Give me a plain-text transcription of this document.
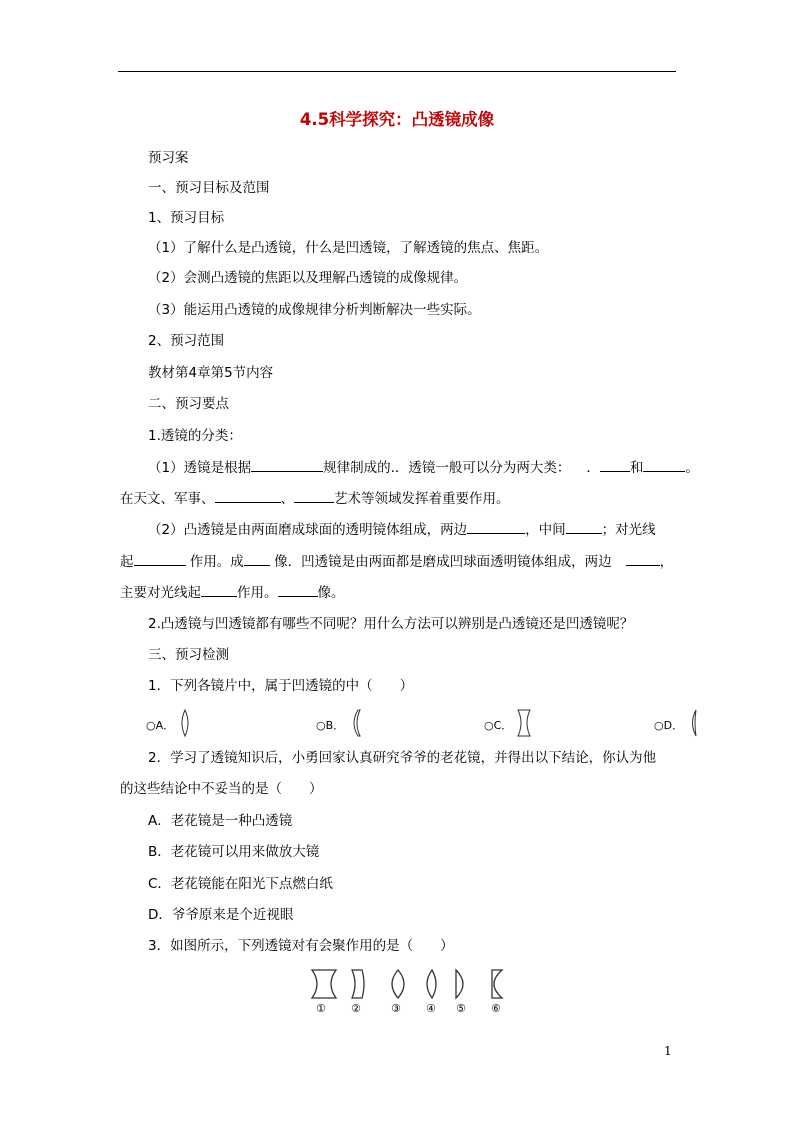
4.5科学探究：凸透镜成像
预习案
一、预习目标及范围
1、预习目标
（1）了解什么是凸透镜，什么是凹透镜，了解透镜的焦点、焦距。
（2）会测凸透镜的焦距以及理解凸透镜的成像规律。
（3）能运用凸透镜的成像规律分析判断解决一些实际。
2、预习范围
教材第4章第5节内容
二、预习要点
1.透镜的分类：
（1）透镜是根据	规律制成的.．透镜一般可以分为两大类： ． 和	。
在天文、军事、	、	艺术等领域发挥着重要作用。
（2）凸透镜是由两面磨成球面的透明镜体组成，两边	，中间	；对光线
起	作用。成 像．凹透镜是由两面都是磨成凹球面透明镜体组成，两边	，
主要对光线起	作用。	像。
2.凸透镜与凹透镜都有哪些不同呢？用什么方法可以辨别是凸透镜还是凹透镜呢？
三、预习检测
1．下列各镜片中，属于凹透镜的中（　　）
○A．	○B．	○C．	○D．
2．学习了透镜知识后，小勇回家认真研究爷爷的老花镜，并得出以下结论，你认为他
的这些结论中不妥当的是（　　）
A．老花镜是一种凸透镜
B．老花镜可以用来做放大镜
C．老花镜能在阳光下点燃白纸
D．爷爷原来是个近视眼
3．如图所示，下列透镜对有会聚作用的是（　　）
① ②	③ ④ ⑤ ⑥
1
